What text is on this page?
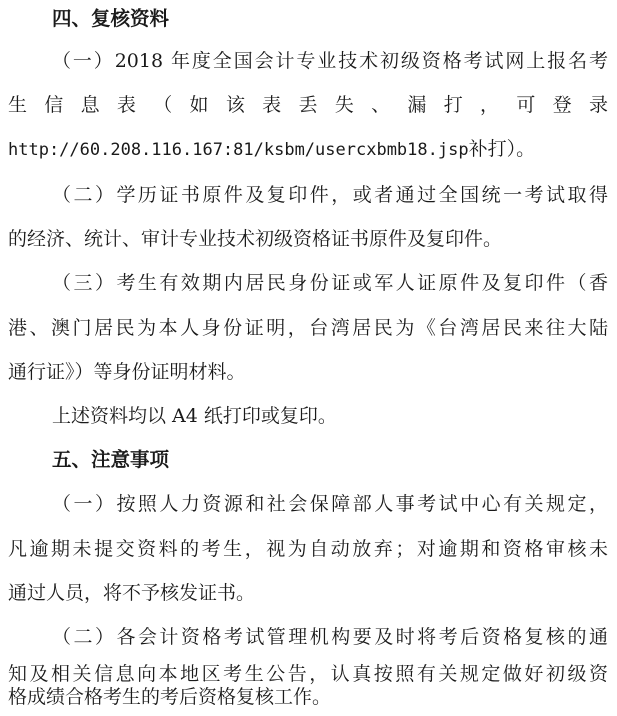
四、复核资料
（一）2018 年度全国会计专业技术初级资格考试网上报名考
生信息表（如该表丢失、漏打，可登录
http://60.208.116.167:81/ksbm/usercxbmb18.jsp补打）。
（二）学历证书原件及复印件，或者通过全国统一考试取得
的经济、统计、审计专业技术初级资格证书原件及复印件。
（三）考生有效期内居民身份证或军人证原件及复印件（香
港、澳门居民为本人身份证明，台湾居民为《台湾居民来往大陆
通行证》）等身份证明材料。
上述资料均以 A4 纸打印或复印。
五、注意事项
（一）按照人力资源和社会保障部人事考试中心有关规定，
凡逾期未提交资料的考生，视为自动放弃；对逾期和资格审核未
通过人员，将不予核发证书。
（二）各会计资格考试管理机构要及时将考后资格复核的通
知及相关信息向本地区考生公告，认真按照有关规定做好初级资
格成绩合格考生的考后资格复核工作。
